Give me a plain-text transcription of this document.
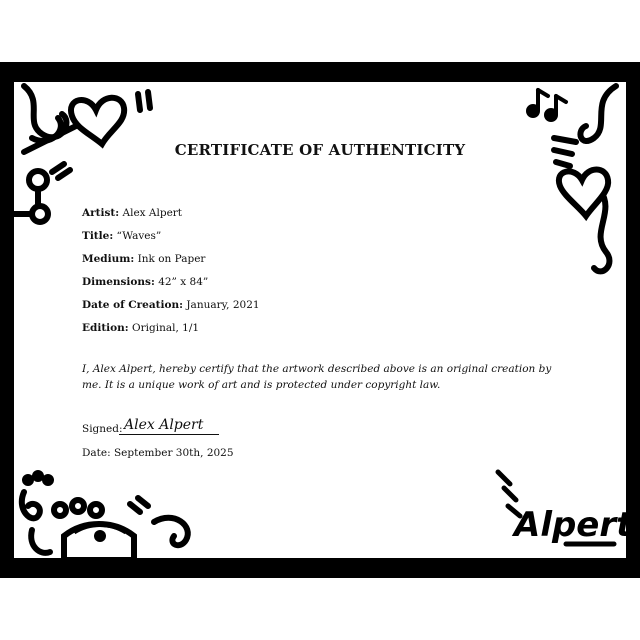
Alpert
CERTIFICATE OF AUTHENTICITY
Artist: Alex Alpert
Title: “Waves”
Medium: Ink on Paper
Dimensions: 42” x 84”
Date of Creation: January, 2021
Edition: Original, 1/1
I, Alex Alpert, hereby certify that the artwork described above is an original creation by me. It is a unique work of art and is protected under copyright law.
Signed: Alex Alpert
Date: September 30th, 2025
